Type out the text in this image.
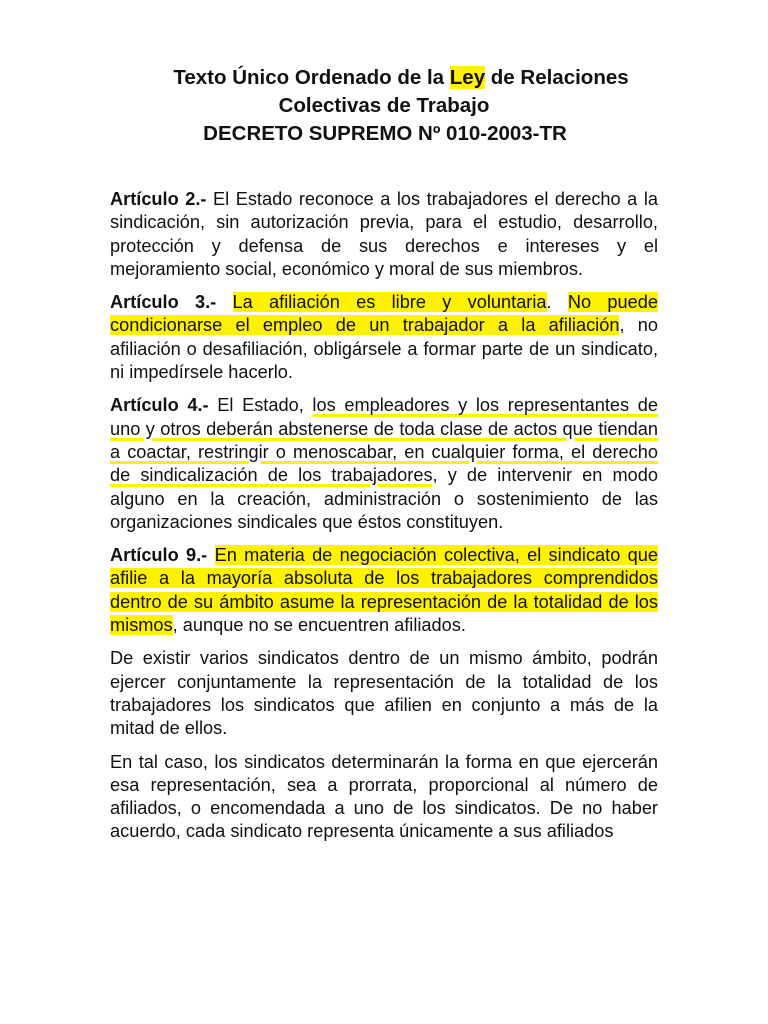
Texto Único Ordenado de la Ley de Relaciones
Colectivas de Trabajo
DECRETO SUPREMO Nº 010-2003-TR

Artículo 2.- El Estado reconoce a los trabajadores el derecho a la sindicación, sin autorización previa, para el estudio, desarrollo, protección y defensa de sus derechos e intereses y el mejoramiento social, económico y moral de sus miembros.

Artículo 3.- La afiliación es libre y voluntaria. No puede condicionarse el empleo de un trabajador a la afiliación, no afiliación o desafiliación, obligársele a formar parte de un sindicato, ni impedírsele hacerlo.

Artículo 4.- El Estado, los empleadores y los representantes de uno y otros deberán abstenerse de toda clase de actos que tiendan a coactar, restringir o menoscabar, en cualquier forma, el derecho de sindicalización de los trabajadores, y de intervenir en modo alguno en la creación, administración o sostenimiento de las organizaciones sindicales que éstos constituyen.

Artículo 9.- En materia de negociación colectiva, el sindicato que afilie a la mayoría absoluta de los trabajadores comprendidos dentro de su ámbito asume la representación de la totalidad de los mismos, aunque no se encuentren afiliados.

De existir varios sindicatos dentro de un mismo ámbito, podrán ejercer conjuntamente la representación de la totalidad de los trabajadores los sindicatos que afilien en conjunto a más de la mitad de ellos.

En tal caso, los sindicatos determinarán la forma en que ejercerán esa representación, sea a prorrata, proporcional al número de afiliados, o encomendada a uno de los sindicatos. De no haber acuerdo, cada sindicato representa únicamente a sus afiliados
